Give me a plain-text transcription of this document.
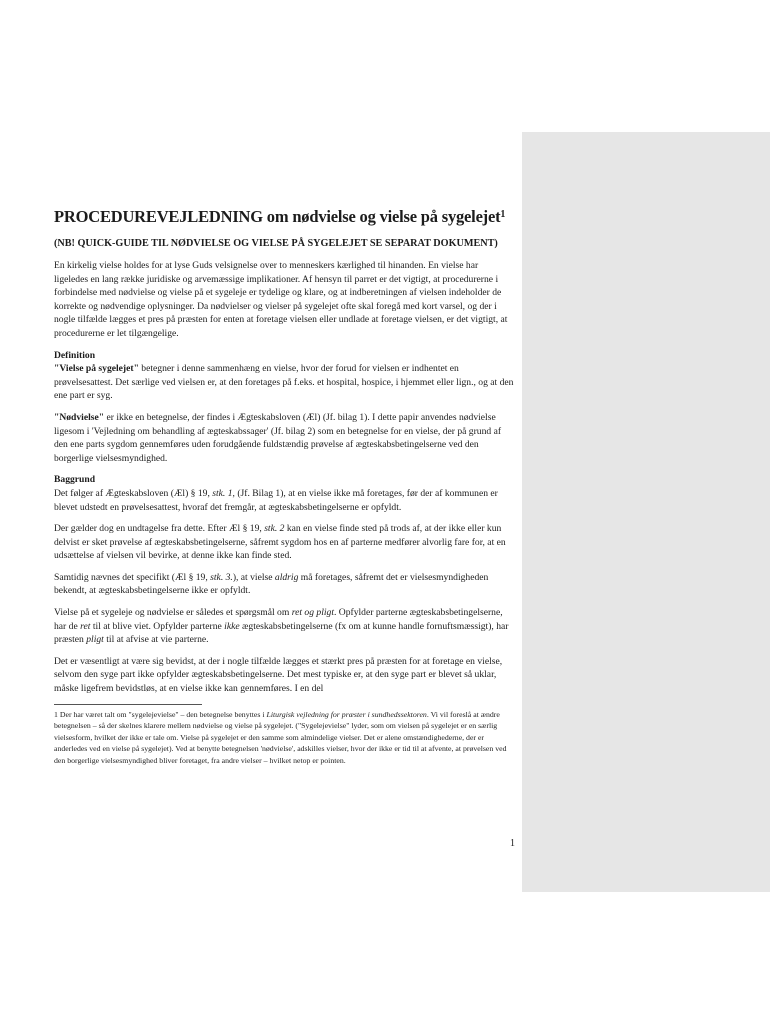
PROCEDUREVEJLEDNING om nødvielse og vielse på sygelejet$^1$
(NB! QUICK-GUIDE TIL NØDVIELSE OG VIELSE PÅ SYGELEJET SE SEPARAT DOKUMENT)

En kirkelig vielse holdes for at lyse Guds velsignelse over to menneskers kærlighed til hinanden. En vielse har ligeledes en lang række juridiske og arvemæssige implikationer. Af hensyn til parret er det vigtigt, at procedurerne i forbindelse med nødvielse og vielse på et sygeleje er tydelige og klare, og at indberetningen af vielsen indeholder de korrekte og nødvendige oplysninger. Da nødvielser og vielser på sygelejet ofte skal foregå med kort varsel, og der i nogle tilfælde lægges et pres på præsten for enten at foretage vielsen eller undlade at foretage vielsen, er det vigtigt, at procedurerne er let tilgængelige.

Definition
"Vielse på sygelejet" betegner i denne sammenhæng en vielse, hvor der forud for vielsen er indhentet en prøvelsesattest. Det særlige ved vielsen er, at den foretages på f.eks. et hospital, hospice, i hjemmet eller lign., og at den ene part er syg.

"Nødvielse" er ikke en betegnelse, der findes i Ægteskabsloven (Æl) (Jf. bilag 1). I dette papir anvendes nødvielse ligesom i 'Vejledning om behandling af ægteskabssager' (Jf. bilag 2) som en betegnelse for en vielse, der på grund af den ene parts sygdom gennemføres uden forudgående fuldstændig prøvelse af ægteskabsbetingelserne ved den borgerlige vielsesmyndighed.

Baggrund
Det følger af Ægteskabsloven (Æl) § 19, stk. 1, (Jf. Bilag 1), at en vielse ikke må foretages, før der af kommunen er blevet udstedt en prøvelsesattest, hvoraf det fremgår, at ægteskabsbetingelserne er opfyldt.

Der gælder dog en undtagelse fra dette. Efter Æl § 19, stk. 2 kan en vielse finde sted på trods af, at der ikke eller kun delvist er sket prøvelse af ægteskabsbetingelserne, såfremt sygdom hos en af parterne medfører alvorlig fare for, at en udsættelse af vielsen vil bevirke, at denne ikke kan finde sted.

Samtidig nævnes det specifikt (Æl § 19, stk. 3.), at vielse aldrig må foretages, såfremt det er vielsesmyndigheden bekendt, at ægteskabsbetingelserne ikke er opfyldt.

Vielse på et sygeleje og nødvielse er således et spørgsmål om ret og pligt. Opfylder parterne ægteskabsbetingelserne, har de ret til at blive viet. Opfylder parterne ikke ægteskabsbetingelserne (fx om at kunne handle fornuftsmæssigt), har præsten pligt til at afvise at vie parterne.

Det er væsentligt at være sig bevidst, at der i nogle tilfælde lægges et stærkt pres på præsten for at foretage en vielse, selvom den syge part ikke opfylder ægteskabsbetingelserne. Det mest typiske er, at den syge part er blevet så uklar, måske ligefrem bevidstløs, at en vielse ikke kan gennemføres. I en del

1 Der har været talt om "sygelejevielse" – den betegnelse benyttes i Liturgisk vejledning for præster i sundhedssektoren. Vi vil foreslå at ændre betegnelsen – så der skelnes klarere mellem nødvielse og vielse på sygelejet. ("Sygelejevielse" lyder, som om vielsen på sygelejet er en særlig vielsesform, hvilket der ikke er tale om. Vielse på sygelejet er den samme som almindelige vielser. Det er alene omstændighederne, der er anderledes ved en vielse på sygelejet). Ved at benytte betegnelsen 'nødvielse', adskilles vielser, hvor der ikke er tid til at afvente, at prøvelsen ved den borgerlige vielsesmyndighed bliver foretaget, fra andre vielser – hvilket netop er pointen.

1
